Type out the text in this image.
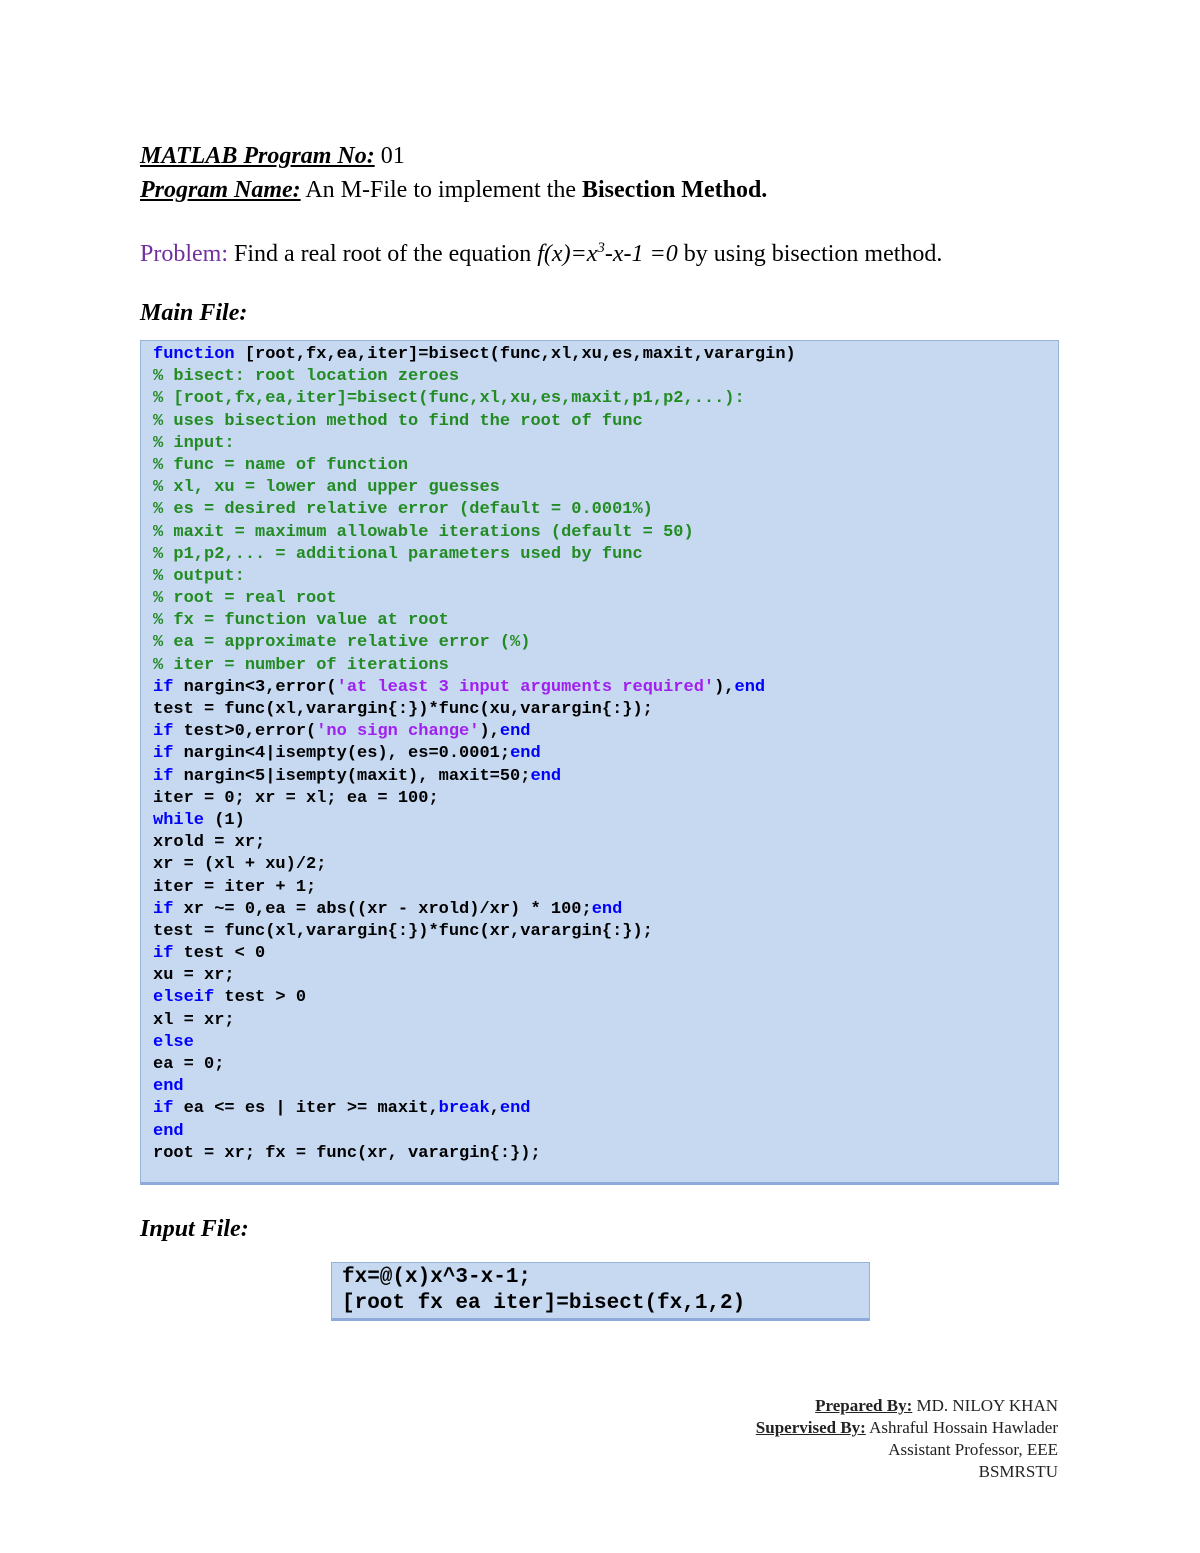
MATLAB Program No: 01
Program Name: An M-File to implement the Bisection Method.
Problem: Find a real root of the equation $f(x)=x^3-x-1 =0$ by using bisection method.
Main File:
function [root,fx,ea,iter]=bisect(func,xl,xu,es,maxit,varargin)
% bisect: root location zeroes
% [root,fx,ea,iter]=bisect(func,xl,xu,es,maxit,p1,p2,...):
% uses bisection method to find the root of func
% input:
% func = name of function
% xl, xu = lower and upper guesses
% es = desired relative error (default = 0.0001%)
% maxit = maximum allowable iterations (default = 50)
% p1,p2,... = additional parameters used by func
% output:
% root = real root
% fx = function value at root
% ea = approximate relative error (%)
% iter = number of iterations
if nargin<3,error('at least 3 input arguments required'),end
test = func(xl,varargin{:})*func(xu,varargin{:});
if test>0,error('no sign change'),end
if nargin<4|isempty(es), es=0.0001;end
if nargin<5|isempty(maxit), maxit=50;end
iter = 0; xr = xl; ea = 100;
while (1)
xrold = xr;
xr = (xl + xu)/2;
iter = iter + 1;
if xr ~= 0,ea = abs((xr - xrold)/xr) * 100;end
test = func(xl,varargin{:})*func(xr,varargin{:});
if test < 0
xu = xr;
elseif test > 0
xl = xr;
else
ea = 0;
end
if ea <= es | iter >= maxit,break,end
end
root = xr; fx = func(xr, varargin{:});
Input File:
fx=@(x)x^3-x-1;
[root fx ea iter]=bisect(fx,1,2)
Prepared By: MD. NILOY KHAN
Supervised By: Ashraful Hossain Hawlader
Assistant Professor, EEE
BSMRSTU
